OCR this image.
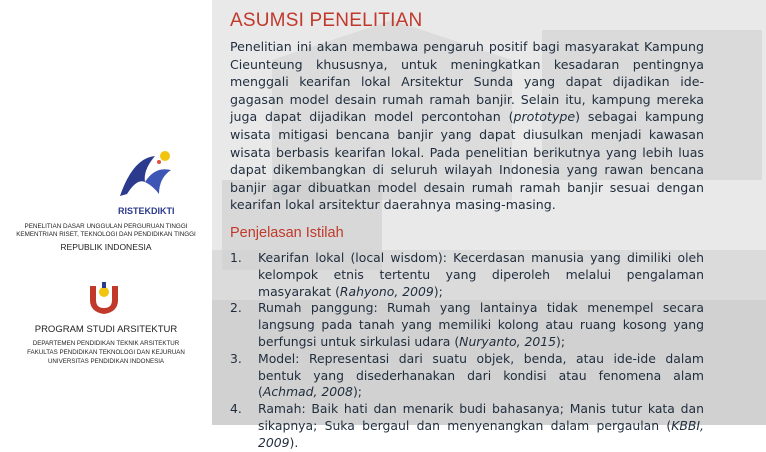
RISTEKDIKTI
PENELITIAN DASAR UNGGULAN PERGURUAN TINGGI
KEMENTRIAN RISET, TEKNOLOGI DAN PENDIDIKAN TINGGI
REPUBLIK INDONESIA
PROGRAM STUDI ARSITEKTUR
DEPARTEMEN PENDIDIKAN TEKNIK ARSITEKTUR
FAKULTAS PENDIDIKAN TEKNOLOGI DAN KEJURUAN
UNIVERSITAS PENDIDIKAN INDONESIA
ASUMSI PENELITIAN
Penelitian ini akan membawa pengaruh positif bagi masyarakat Kampung Cieunteung khususnya, untuk meningkatkan kesadaran pentingnya menggali kearifan lokal Arsitektur Sunda yang dapat dijadikan ide-gagasan model desain rumah ramah banjir. Selain itu, kampung mereka juga dapat dijadikan model percontohan (prototype) sebagai kampung wisata mitigasi bencana banjir yang dapat diusulkan menjadi kawasan wisata berbasis kearifan lokal. Pada penelitian berikutnya yang lebih luas dapat dikembangkan di seluruh wilayah Indonesia yang rawan bencana banjir agar dibuatkan model desain rumah ramah banjir sesuai dengan kearifan lokal arsitektur daerahnya masing-masing.
Penjelasan Istilah
1. Kearifan lokal (local wisdom): Kecerdasan manusia yang dimiliki oleh kelompok etnis tertentu yang diperoleh melalui pengalaman masyarakat (Rahyono, 2009);
2. Rumah panggung: Rumah yang lantainya tidak menempel secara langsung pada tanah yang memiliki kolong atau ruang kosong yang berfungsi untuk sirkulasi udara (Nuryanto, 2015);
3. Model: Representasi dari suatu objek, benda, atau ide-ide dalam bentuk yang disederhanakan dari kondisi atau fenomena alam (Achmad, 2008);
4. Ramah: Baik hati dan menarik budi bahasanya; Manis tutur kata dan sikapnya; Suka bergaul dan menyenangkan dalam pergaulan (KBBI, 2009).
